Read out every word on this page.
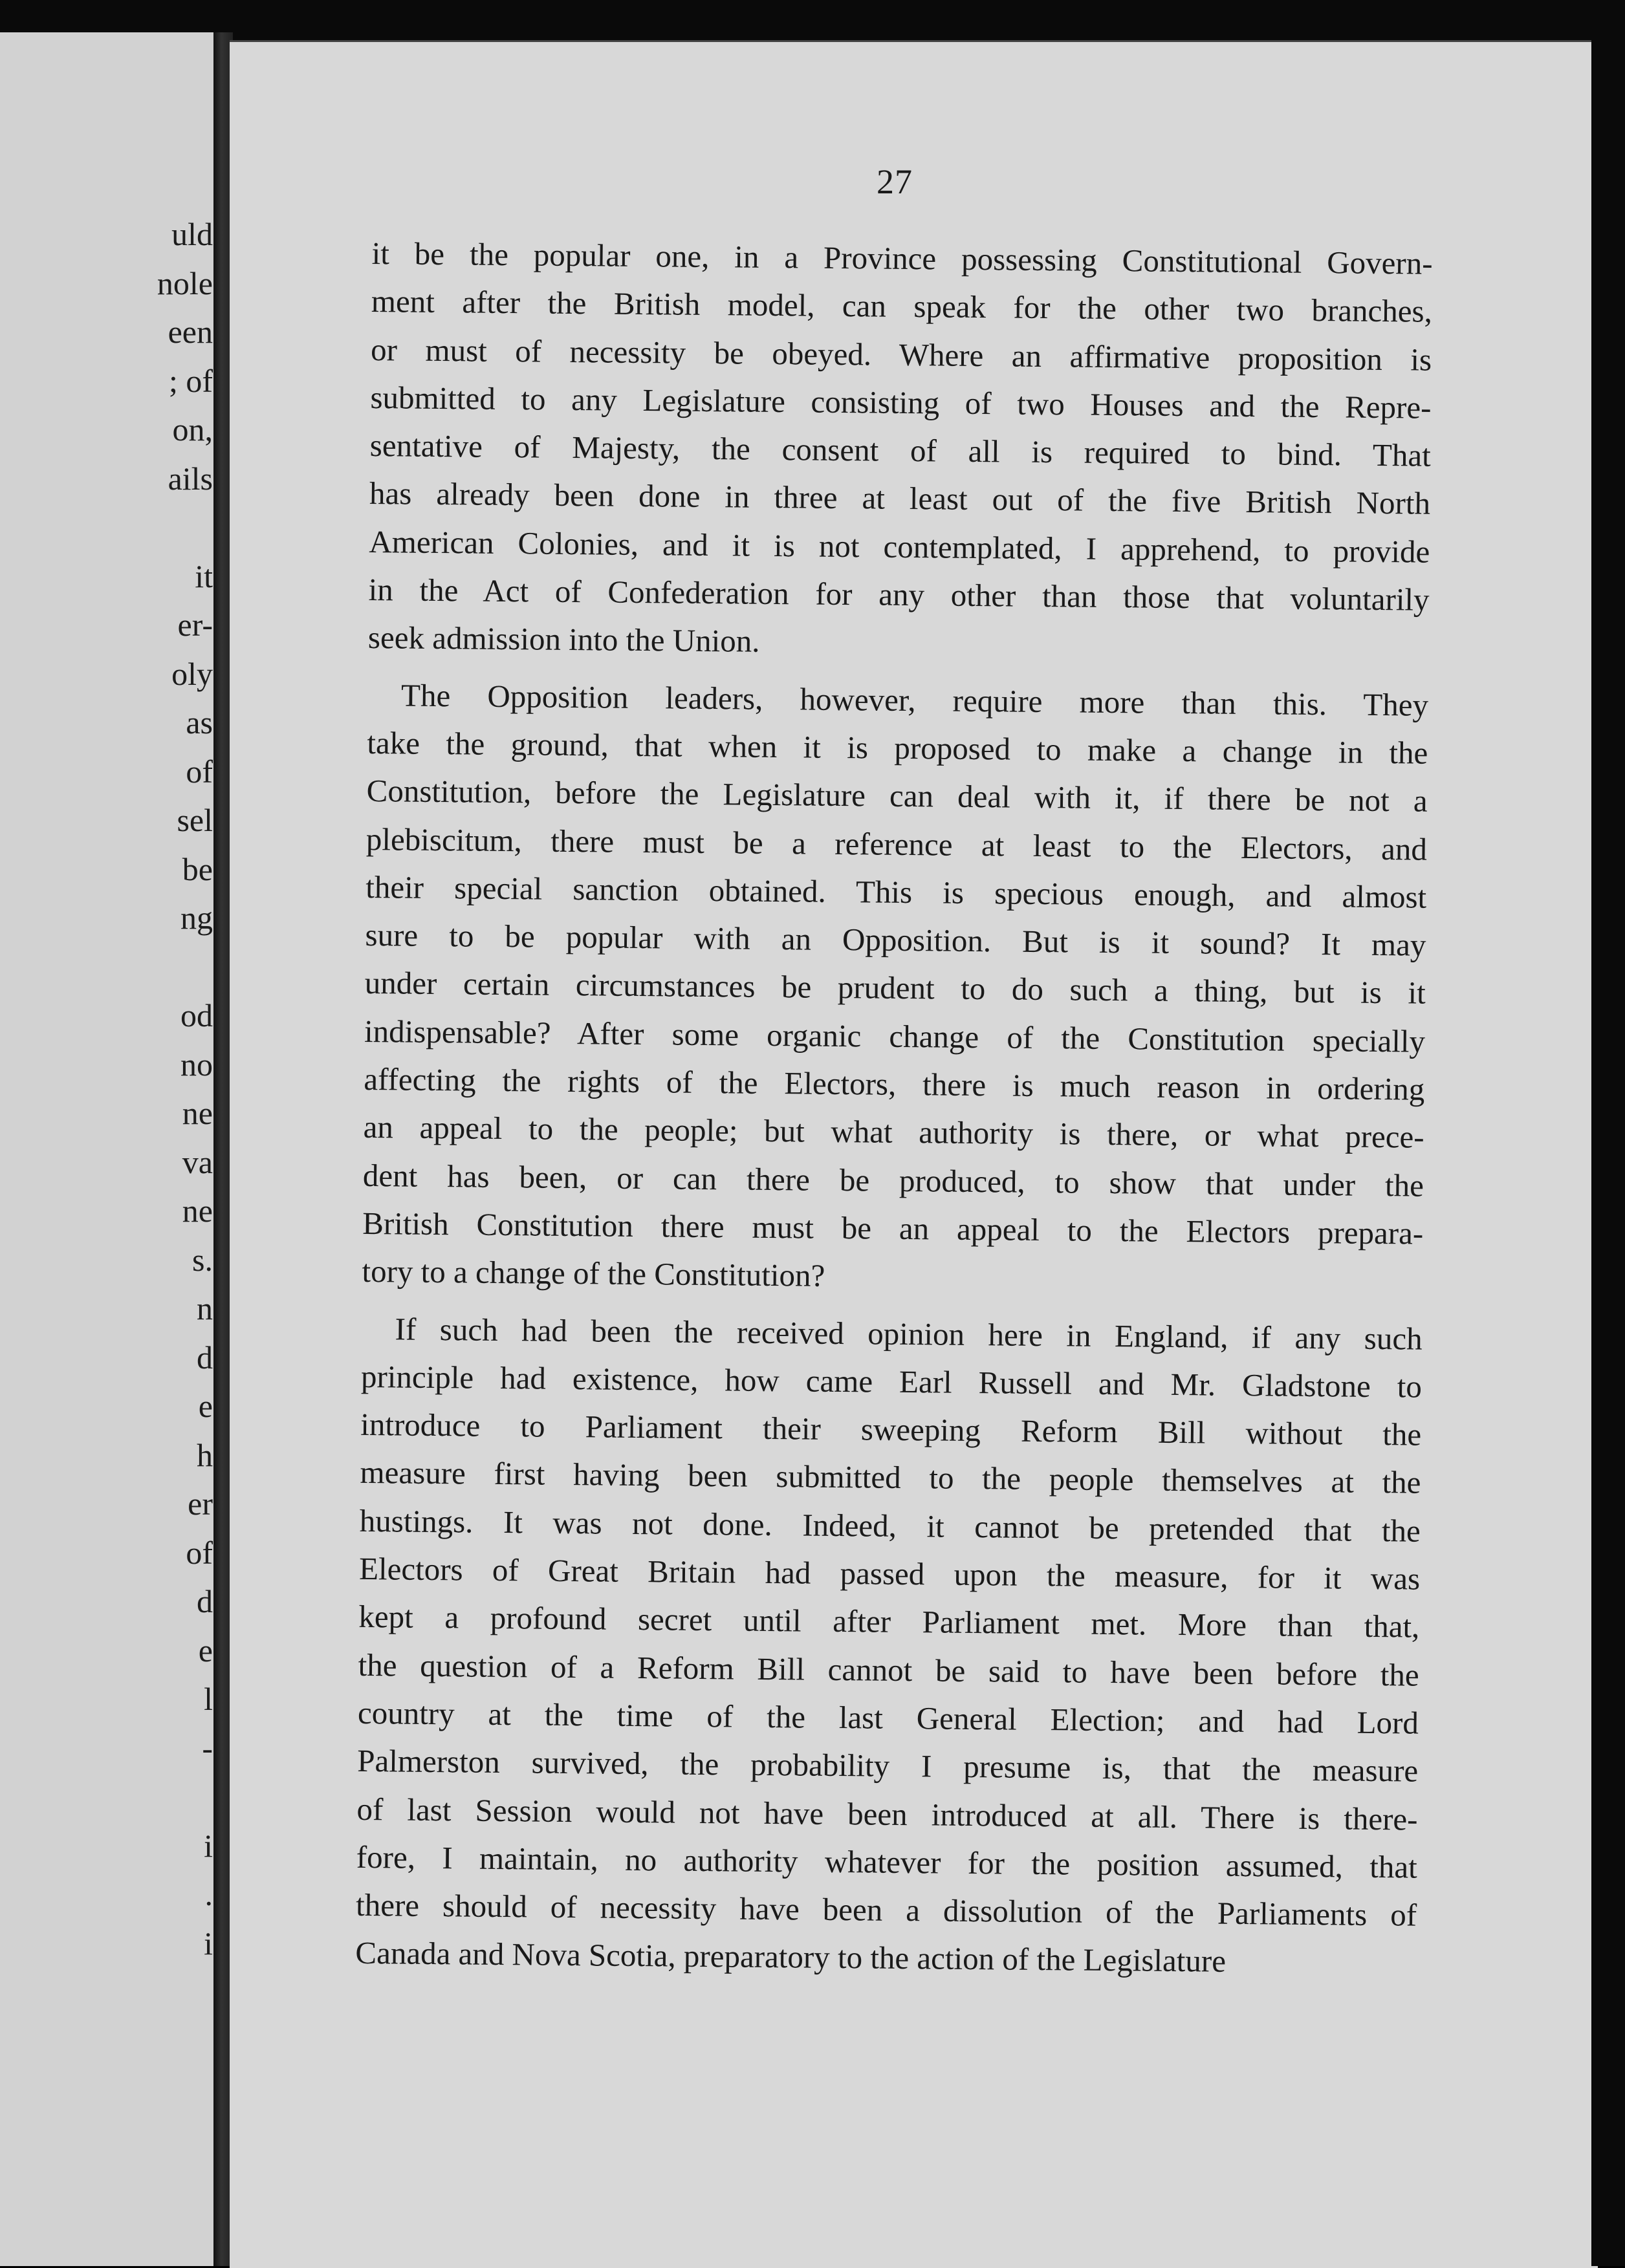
uld
nole
een
; of
on,
ails
it
er-
oly
as
of
sel
be
ng
od
no
ne
va
ne
s.
n
d
e
h
er
of
d
e
l
-
i
.
i
27
it be the popular one, in a Province possessing Constitutional Govern-
ment after the British model, can speak for the other two branches,
or must of necessity be obeyed. Where an affirmative proposition is
submitted to any Legislature consisting of two Houses and the Repre-
sentative of Majesty, the consent of all is required to bind. That
has already been done in three at least out of the five British North
American Colonies, and it is not contemplated, I apprehend, to provide
in the Act of Confederation for any other than those that voluntarily
seek admission into the Union.
The Opposition leaders, however, require more than this. They
take the ground, that when it is proposed to make a change in the
Constitution, before the Legislature can deal with it, if there be not a
plebiscitum, there must be a reference at least to the Electors, and
their special sanction obtained. This is specious enough, and almost
sure to be popular with an Opposition. But is it sound? It may
under certain circumstances be prudent to do such a thing, but is it
indispensable? After some organic change of the Constitution specially
affecting the rights of the Electors, there is much reason in ordering
an appeal to the people; but what authority is there, or what prece-
dent has been, or can there be produced, to show that under the
British Constitution there must be an appeal to the Electors prepara-
tory to a change of the Constitution?
If such had been the received opinion here in England, if any such
principle had existence, how came Earl Russell and Mr. Gladstone to
introduce to Parliament their sweeping Reform Bill without the
measure first having been submitted to the people themselves at the
hustings. It was not done. Indeed, it cannot be pretended that the
Electors of Great Britain had passed upon the measure, for it was
kept a profound secret until after Parliament met. More than that,
the question of a Reform Bill cannot be said to have been before the
country at the time of the last General Election; and had Lord
Palmerston survived, the probability I presume is, that the measure
of last Session would not have been introduced at all. There is there-
fore, I maintain, no authority whatever for the position assumed, that
there should of necessity have been a dissolution of the Parliaments of
Canada and Nova Scotia, preparatory to the action of the Legislature
